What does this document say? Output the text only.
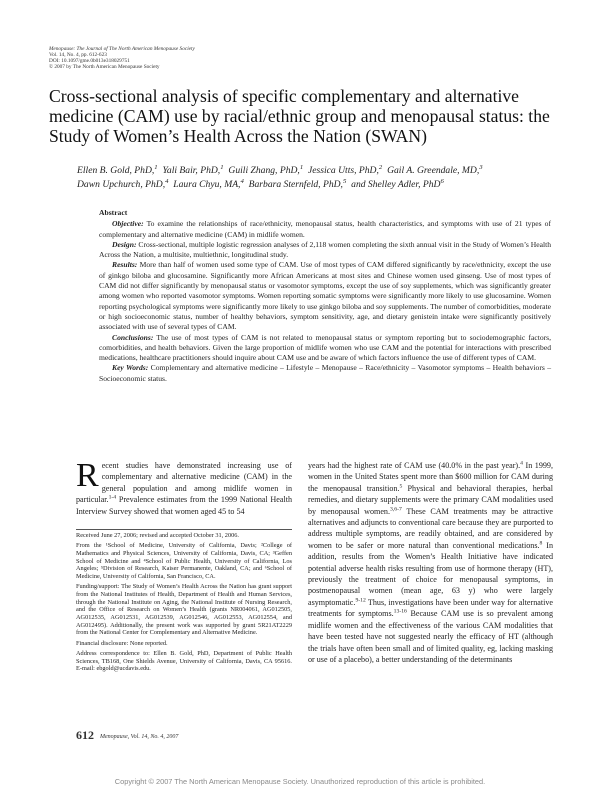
Menopause: The Journal of The North American Menopause Society
Vol. 14, No. 4, pp. 612-623
DOI: 10.1097/gme.0b013e318029751
© 2007 by The North American Menopause Society
Cross-sectional analysis of specific complementary and alternative medicine (CAM) use by racial/ethnic group and menopausal status: the Study of Women’s Health Across the Nation (SWAN)
Ellen B. Gold, PhD,$^1$ Yali Bair, PhD,$^1$ Guili Zhang, PhD,$^1$ Jessica Utts, PhD,$^2$ Gail A. Greendale, MD,$^3$
Dawn Upchurch, PhD,$^4$ Laura Chyu, MA,$^4$ Barbara Sternfeld, PhD,$^5$ and Shelley Adler, PhD$^6$
Abstract

Objective: To examine the relationships of race/ethnicity, menopausal status, health characteristics, and symptoms with use of 21 types of complementary and alternative medicine (CAM) in midlife women.

Design: Cross-sectional, multiple logistic regression analyses of 2,118 women completing the sixth annual visit in the Study of Women’s Health Across the Nation, a multisite, multiethnic, longitudinal study.

Results: More than half of women used some type of CAM. Use of most types of CAM differed significantly by race/ethnicity, except the use of ginkgo biloba and glucosamine. Significantly more African Americans at most sites and Chinese women used ginseng. Use of most types of CAM did not differ significantly by menopausal status or vasomotor symptoms, except the use of soy supplements, which was significantly greater among women who reported vasomotor symptoms. Women reporting somatic symptoms were significantly more likely to use glucosamine. Women reporting psychological symptoms were significantly more likely to use ginkgo biloba and soy supplements. The number of comorbidities, moderate or high socioeconomic status, number of healthy behaviors, symptom sensitivity, age, and dietary genistein intake were significantly positively associated with use of several types of CAM.

Conclusions: The use of most types of CAM is not related to menopausal status or symptom reporting but to sociodemographic factors, comorbidities, and health behaviors. Given the large proportion of midlife women who use CAM and the potential for interactions with prescribed medications, healthcare practitioners should inquire about CAM use and be aware of which factors influence the use of different types of CAM.

Key Words: Complementary and alternative medicine – Lifestyle – Menopause – Race/ethnicity – Vasomotor symptoms – Health behaviors – Socioeconomic status.

Recent studies have demonstrated increasing use of complementary and alternative medicine (CAM) in the general population and among midlife women in particular.$^{1-4}$ Prevalence estimates from the 1999 National Health Interview Survey showed that women aged 45 to 54

Received June 27, 2006; revised and accepted October 31, 2006.

From the ¹School of Medicine, University of California, Davis; ²College of Mathematics and Physical Sciences, University of California, Davis, CA; ³Geffen School of Medicine and ⁴School of Public Health, University of California, Los Angeles; ⁵Division of Research, Kaiser Permanente, Oakland, CA; and ⁶School of Medicine, University of California, San Francisco, CA.

Funding/support: The Study of Women’s Health Across the Nation has grant support from the National Institutes of Health, Department of Health and Human Services, through the National Institute on Aging, the National Institute of Nursing Research, and the Office of Research on Women’s Health (grants NR004061, AG012505, AG012535, AG012531, AG012539, AG012546, AG012553, AG012554, and AG012495). Additionally, the present work was supported by grant 5R21AT2229 from the National Center for Complementary and Alternative Medicine.

Financial disclosure: None reported.

Address correspondence to: Ellen B. Gold, PhD, Department of Public Health Sciences, TB168, One Shields Avenue, University of California, Davis, CA 95616. E-mail: ebgold@ucdavis.edu.

years had the highest rate of CAM use (40.0% in the past year).$^4$ In 1999, women in the United States spent more than $600 million for CAM during the menopausal transition.$^5$ Physical and behavioral therapies, herbal remedies, and dietary supplements were the primary CAM modalities used by menopausal women.$^{3,6-7}$ These CAM treatments may be attractive alternatives and adjuncts to conventional care because they are purported to address multiple symptoms, are readily obtained, and are considered by women to be safer or more natural than conventional medications.$^8$ In addition, results from the Women’s Health Initiative have indicated potential adverse health risks resulting from use of hormone therapy (HT), previously the treatment of choice for menopausal symptoms, in postmenopausal women (mean age, 63 y) who were largely asymptomatic.$^{9-12}$ Thus, investigations have been under way for alternative treatments for symptoms.$^{13-16}$ Because CAM use is so prevalent among midlife women and the effectiveness of the various CAM modalities that have been tested have not suggested nearly the efficacy of HT (although the trials have often been small and of limited quality, eg, lacking masking or use of a placebo), a better understanding of the determinants

612 Menopause, Vol. 14, No. 4, 2007
Copyright © 2007 The North American Menopause Society. Unauthorized reproduction of this article is prohibited.
